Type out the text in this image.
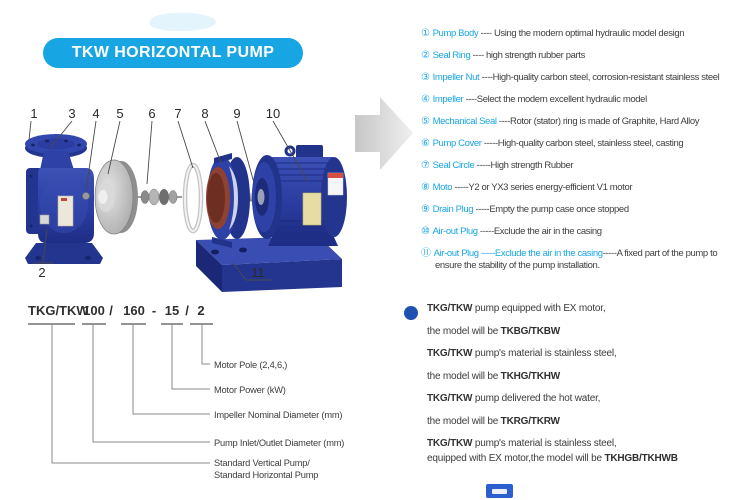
TKW HORIZONTAL PUMP
1 3 4 5 6 7 8 9 10
2	11
① Pump Body ---- Using the modern optimal hydraulic model design
② Seal Ring ---- high strength rubber parts
③ Impeller Nut ----High-quality carbon steel, corrosion-resistant stainless steel
④ Impeller ----Select the modern excellent hydraulic model
⑤ Mechanical Seal ----Rotor (stator) ring is made of Graphite, Hard Alloy
⑥ Pump Cover -----High-quality carbon steel, stainless steel, casting
⑦ Seal Circle -----High strength Rubber
⑧ Moto -----Y2 or YX3 series energy-efficient V1 motor
⑨ Drain Plug -----Empty the pump case once stopped
⑩ Air-out Plug -----Exclude the air in the casing
⑪ Air-out Plug -----Exclude the air in the casing-----A fixed part of the pump to
ensure the stability of the pump installation.
TKG/TKW
100 / 160 - 15 / 2
Motor Pole (2,4,6,)
Motor Power (kW)
Impeller Nominal Diameter (mm)
Pump Inlet/Outlet Diameter (mm)
Standard Vertical Pump/
Standard Horizontal Pump
TKG/TKW pump equipped with EX motor,
the model will be TKBG/TKBW
TKG/TKW pump's material is stainless steel,
the model will be TKHG/TKHW
TKG/TKW pump delivered the hot water,
the model will be TKRG/TKRW
TKG/TKW pump's material is stainless steel,
equipped with EX motor,the model will be TKHGB/TKHWB
